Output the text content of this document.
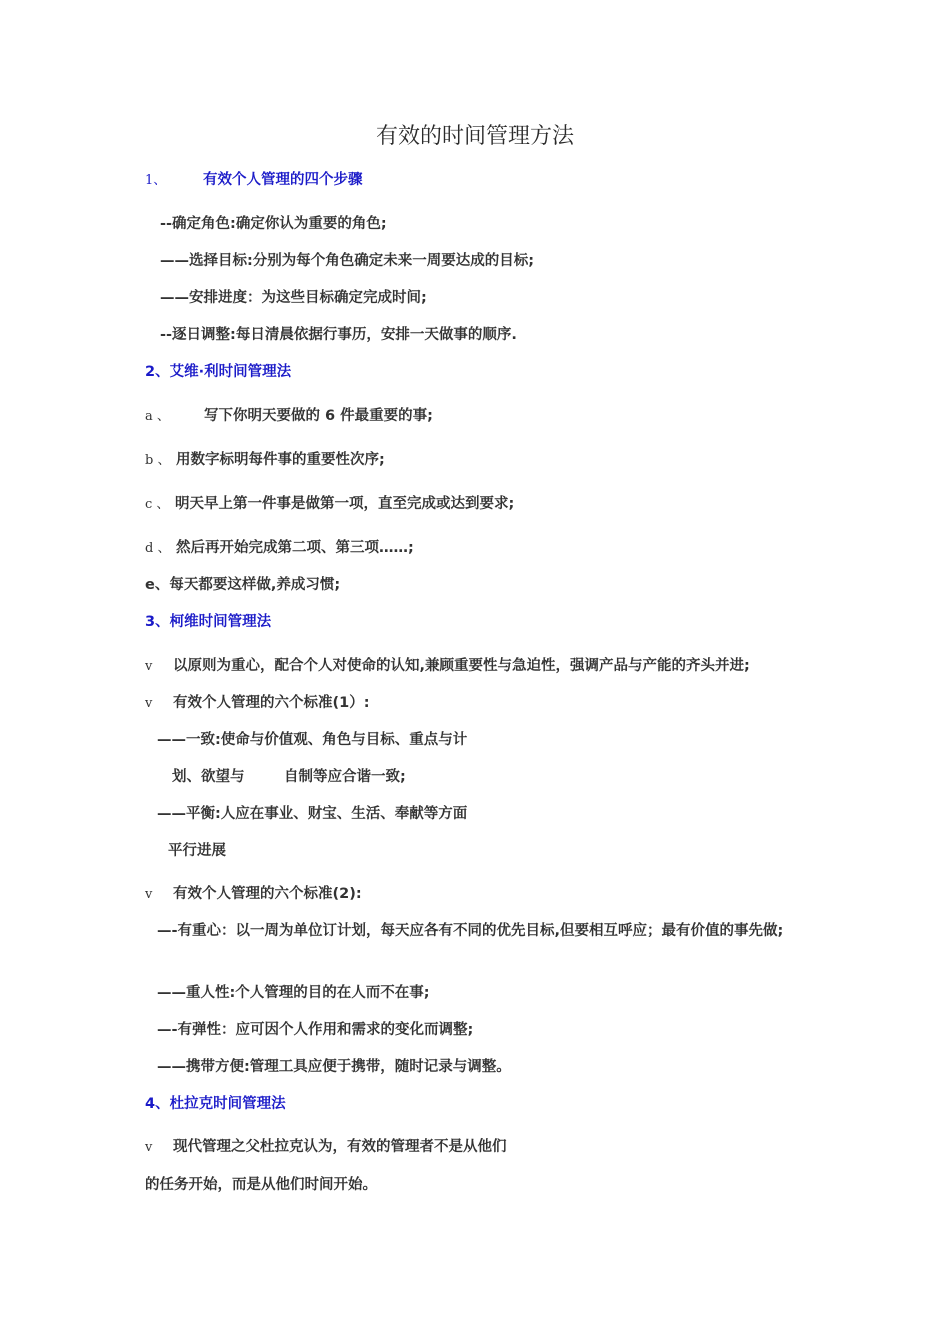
有效的时间管理方法
1、	有效个人管理的四个步骤
--确定角色:确定你认为重要的角色;
——选择目标:分别为每个角色确定未来一周要达成的目标;
——安排进度：为这些目标确定完成时间;
--逐日调整:每日清晨依据行事历，安排一天做事的顺序.
2、艾维·利时间管理法
a 、 写下你明天要做的 6 件最重要的事;
b 、 用数字标明每件事的重要性次序;
c 、 明天早上第一件事是做第一项，直至完成或达到要求;
d 、 然后再开始完成第二项、第三项……;
e、每天都要这样做,养成习惯;
3、柯维时间管理法
v 以原则为重心，配合个人对使命的认知,兼顾重要性与急迫性，强调产品与产能的齐头并进;
v 有效个人管理的六个标准(1）:
——一致:使命与价值观、角色与目标、重点与计
划、欲望与	自制等应合谐一致;
——平衡:人应在事业、财宝、生活、奉献等方面
平行进展
v 有效个人管理的六个标准(2):
—-有重心：以一周为单位订计划，每天应各有不同的优先目标,但要相互呼应；最有价值的事先做;
——重人性:个人管理的目的在人而不在事;
—-有弹性：应可因个人作用和需求的变化而调整;
——携带方便:管理工具应便于携带，随时记录与调整。
4、杜拉克时间管理法
v 现代管理之父杜拉克认为，有效的管理者不是从他们
的任务开始，而是从他们时间开始。
